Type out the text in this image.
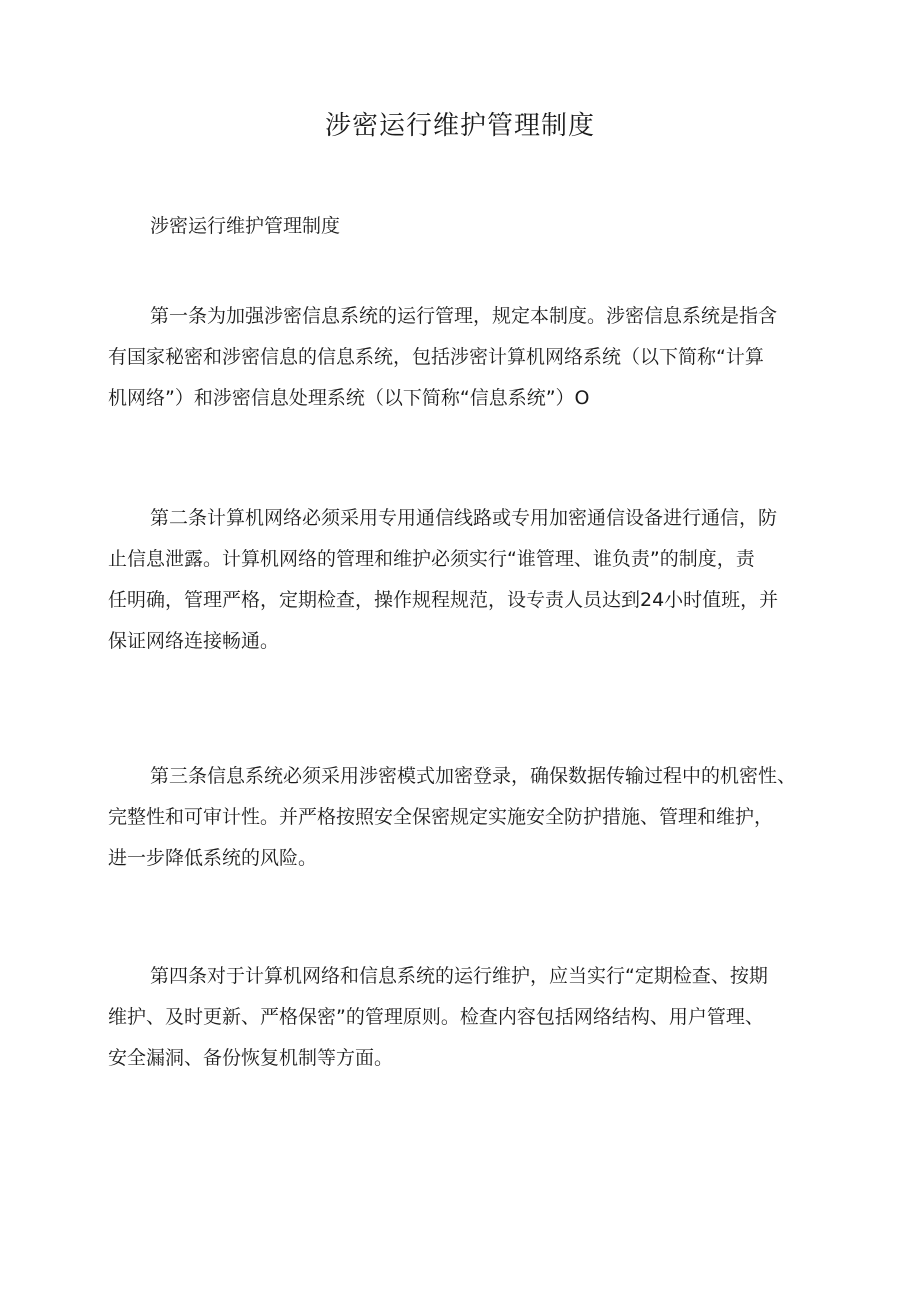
涉密运行维护管理制度

涉密运行维护管理制度

第一条为加强涉密信息系统的运行管理，规定本制度。涉密信息系统是指含
有国家秘密和涉密信息的信息系统，包括涉密计算机网络系统（以下简称“计算
机网络”）和涉密信息处理系统（以下简称“信息系统”）O

第二条计算机网络必须采用专用通信线路或专用加密通信设备进行通信，防
止信息泄露。计算机网络的管理和维护必须实行“谁管理、谁负责”的制度，责
任明确，管理严格，定期检查，操作规程规范，设专责人员达到24小时值班，并
保证网络连接畅通。

第三条信息系统必须采用涉密模式加密登录，确保数据传输过程中的机密性、
完整性和可审计性。并严格按照安全保密规定实施安全防护措施、管理和维护，
进一步降低系统的风险。

第四条对于计算机网络和信息系统的运行维护，应当实行“定期检查、按期
维护、及时更新、严格保密”的管理原则。检查内容包括网络结构、用户管理、
安全漏洞、备份恢复机制等方面。
